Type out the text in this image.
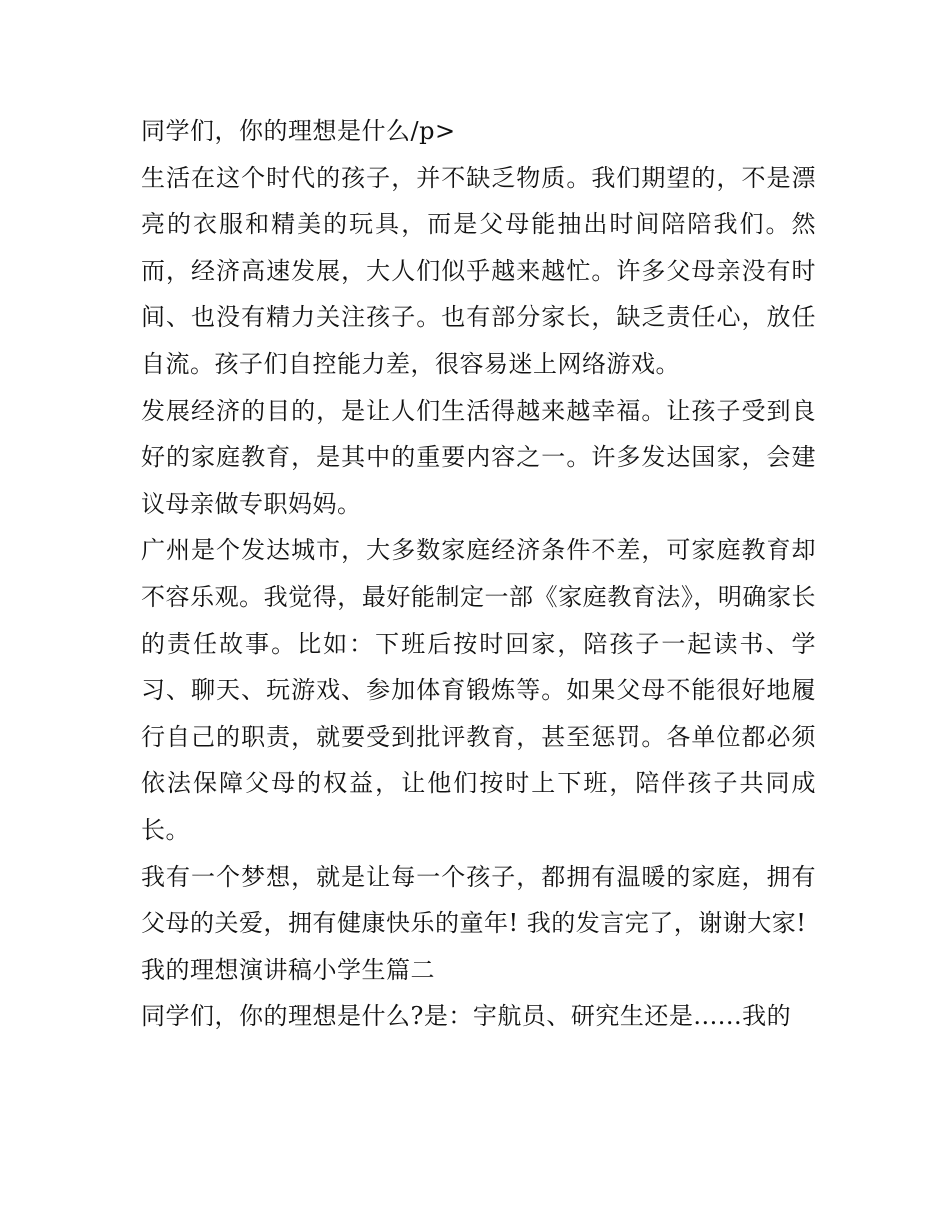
同学们，你的理想是什么/p>

生活在这个时代的孩子，并不缺乏物质。我们期望的，不是漂亮的衣服和精美的玩具，而是父母能抽出时间陪陪我们。然而，经济高速发展，大人们似乎越来越忙。许多父母亲没有时间、也没有精力关注孩子。也有部分家长，缺乏责任心，放任自流。孩子们自控能力差，很容易迷上网络游戏。

发展经济的目的，是让人们生活得越来越幸福。让孩子受到良好的家庭教育，是其中的重要内容之一。许多发达国家，会建议母亲做专职妈妈。

广州是个发达城市，大多数家庭经济条件不差，可家庭教育却不容乐观。我觉得，最好能制定一部《家庭教育法》，明确家长的责任故事。比如：下班后按时回家，陪孩子一起读书、学习、聊天、玩游戏、参加体育锻炼等。如果父母不能很好地履行自己的职责，就要受到批评教育，甚至惩罚。各单位都必须依法保障父母的权益，让他们按时上下班，陪伴孩子共同成长。

我有一个梦想，就是让每一个孩子，都拥有温暖的家庭，拥有父母的关爱，拥有健康快乐的童年! 我的发言完了，谢谢大家!

我的理想演讲稿小学生篇二

同学们，你的理想是什么?是：宇航员、研究生还是......我的
